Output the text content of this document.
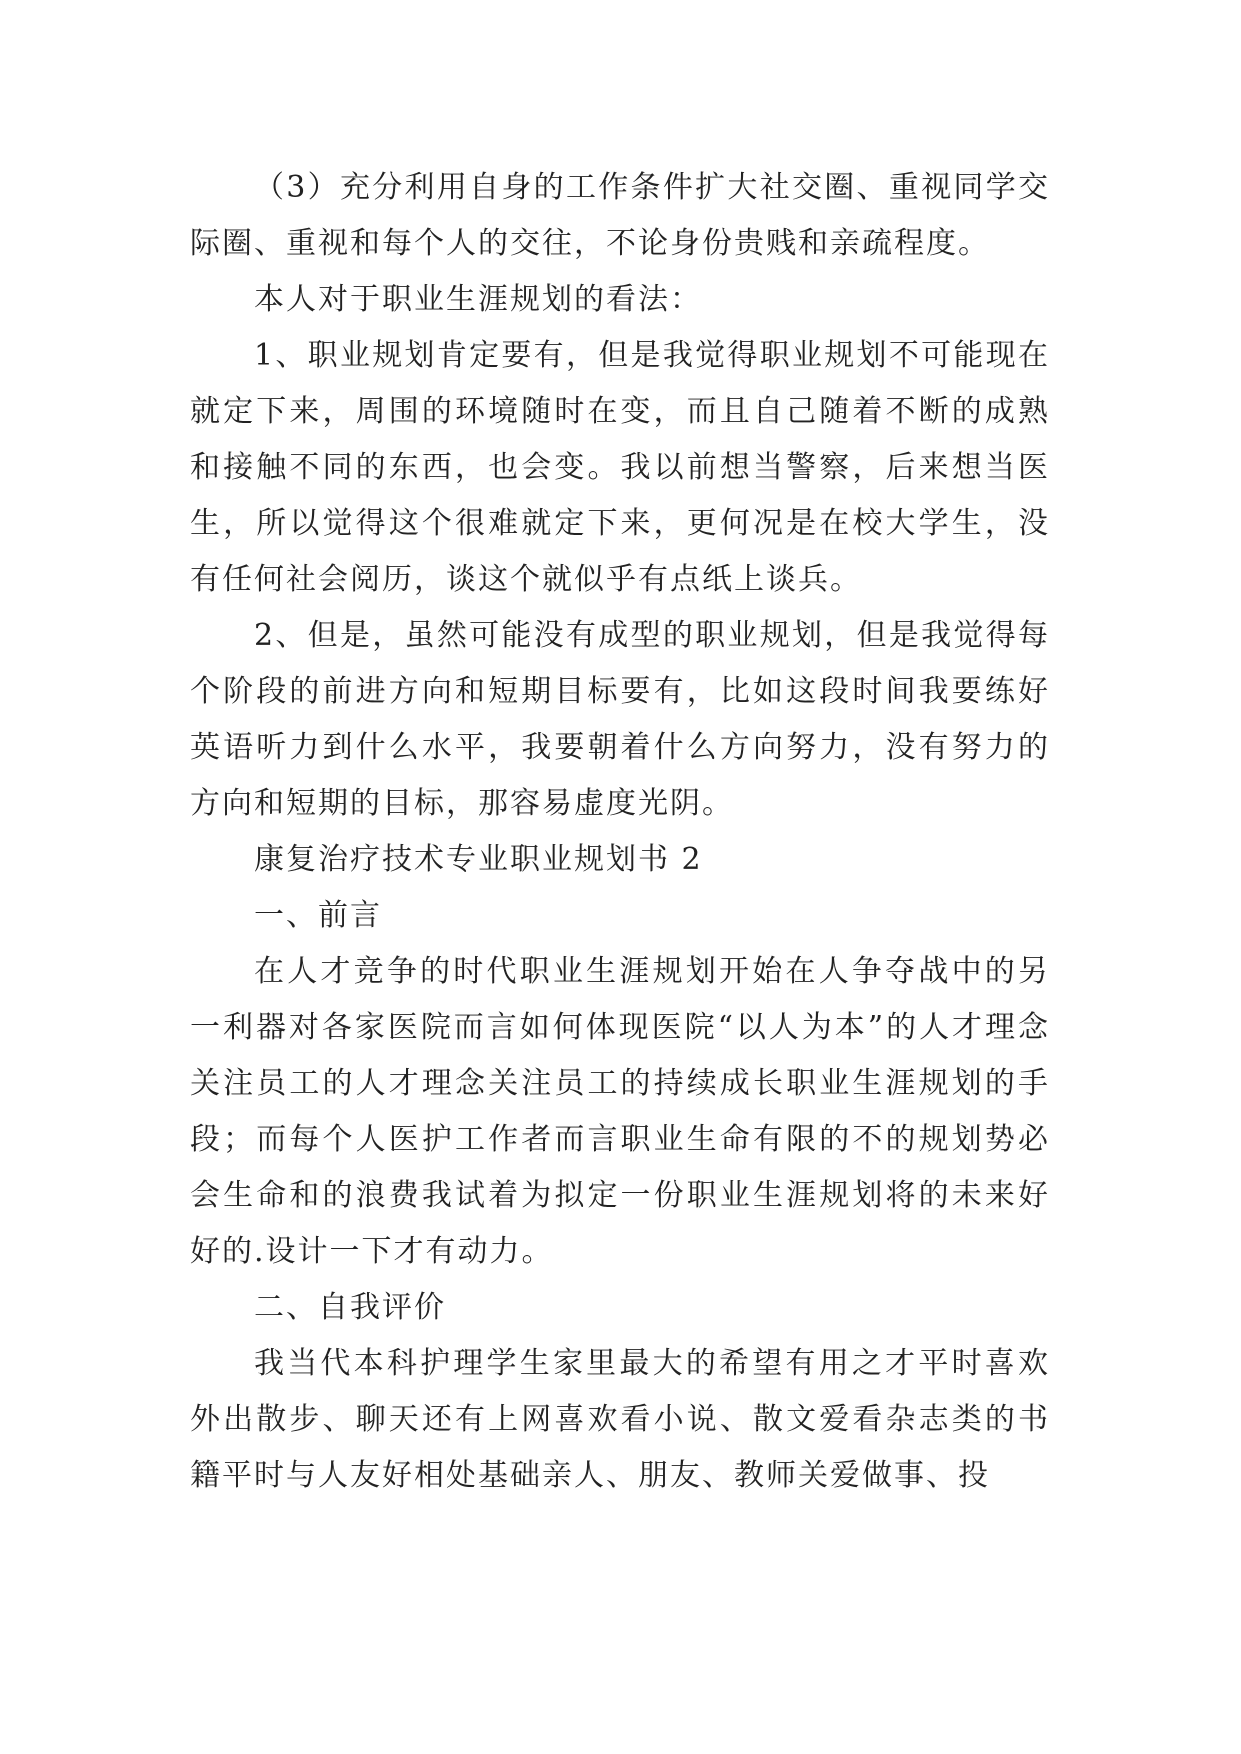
（3）充分利用自身的工作条件扩大社交圈、重视同学交际圈、重视和每个人的交往，不论身份贵贱和亲疏程度。

本人对于职业生涯规划的看法：

1、职业规划肯定要有，但是我觉得职业规划不可能现在就定下来，周围的环境随时在变，而且自己随着不断的成熟和接触不同的东西，也会变。我以前想当警察，后来想当医生，所以觉得这个很难就定下来，更何况是在校大学生，没有任何社会阅历，谈这个就似乎有点纸上谈兵。

2、但是，虽然可能没有成型的职业规划，但是我觉得每个阶段的前进方向和短期目标要有，比如这段时间我要练好英语听力到什么水平，我要朝着什么方向努力，没有努力的方向和短期的目标，那容易虚度光阴。

康复治疗技术专业职业规划书 2

一、前言

在人才竞争的时代职业生涯规划开始在人争夺战中的另一利器对各家医院而言如何体现医院“以人为本”的人才理念关注员工的人才理念关注员工的持续成长职业生涯规划的手段；而每个人医护工作者而言职业生命有限的不的规划势必会生命和的浪费我试着为拟定一份职业生涯规划将的未来好好的.设计一下才有动力。

二、自我评价

我当代本科护理学生家里最大的希望有用之才平时喜欢外出散步、聊天还有上网喜欢看小说、散文爱看杂志类的书籍平时与人友好相处基础亲人、朋友、教师关爱做事、投
